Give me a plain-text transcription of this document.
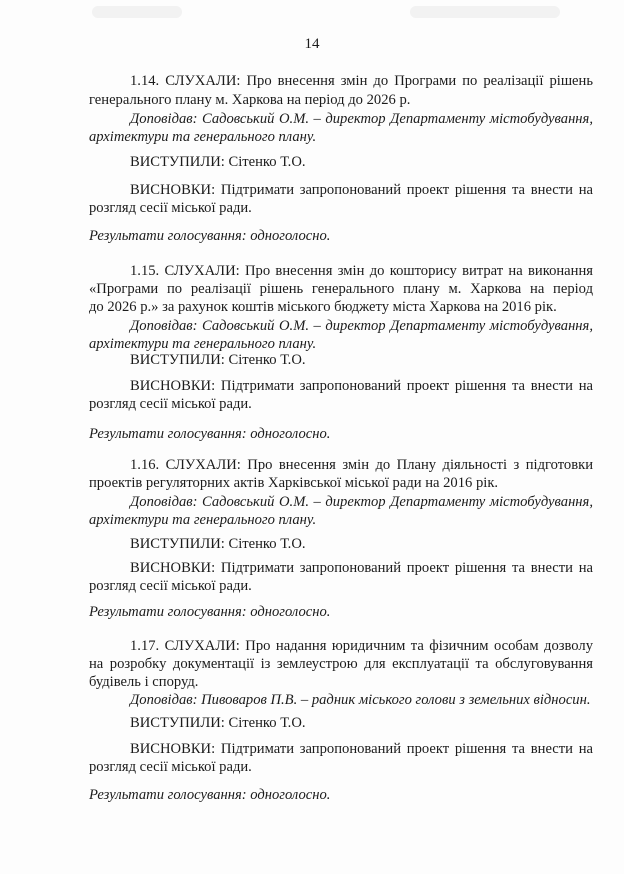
14
1.14. СЛУХАЛИ: Про внесення змін до Програми по реалізації рішень
генерального плану м. Харкова на період до 2026 р.
Доповідав: Садовський О.М. – директор Департаменту містобудування,
архітектури та генерального плану.
ВИСТУПИЛИ: Сітенко Т.О.
ВИСНОВКИ: Підтримати запропонований проект рішення та внести на
розгляд сесії міської ради.
Результати голосування: одноголосно.
1.15. СЛУХАЛИ: Про внесення змін до кошторису витрат на виконання
«Програми по реалізації рішень генерального плану м. Харкова на період
до 2026 р.» за рахунок коштів міського бюджету міста Харкова на 2016 рік.
Доповідав: Садовський О.М. – директор Департаменту містобудування,
архітектури та генерального плану.
ВИСТУПИЛИ: Сітенко Т.О.
ВИСНОВКИ: Підтримати запропонований проект рішення та внести на
розгляд сесії міської ради.
Результати голосування: одноголосно.
1.16. СЛУХАЛИ: Про внесення змін до Плану діяльності з підготовки
проектів регуляторних актів Харківської міської ради на 2016 рік.
Доповідав: Садовський О.М. – директор Департаменту містобудування,
архітектури та генерального плану.
ВИСТУПИЛИ: Сітенко Т.О.
ВИСНОВКИ: Підтримати запропонований проект рішення та внести на
розгляд сесії міської ради.
Результати голосування: одноголосно.
1.17. СЛУХАЛИ: Про надання юридичним та фізичним особам дозволу
на розробку документації із землеустрою для експлуатації та обслуговування
будівель і споруд.
Доповідав: Пивоваров П.В. – радник міського голови з земельних відносин.
ВИСТУПИЛИ: Сітенко Т.О.
ВИСНОВКИ: Підтримати запропонований проект рішення та внести на
розгляд сесії міської ради.
Результати голосування: одноголосно.
